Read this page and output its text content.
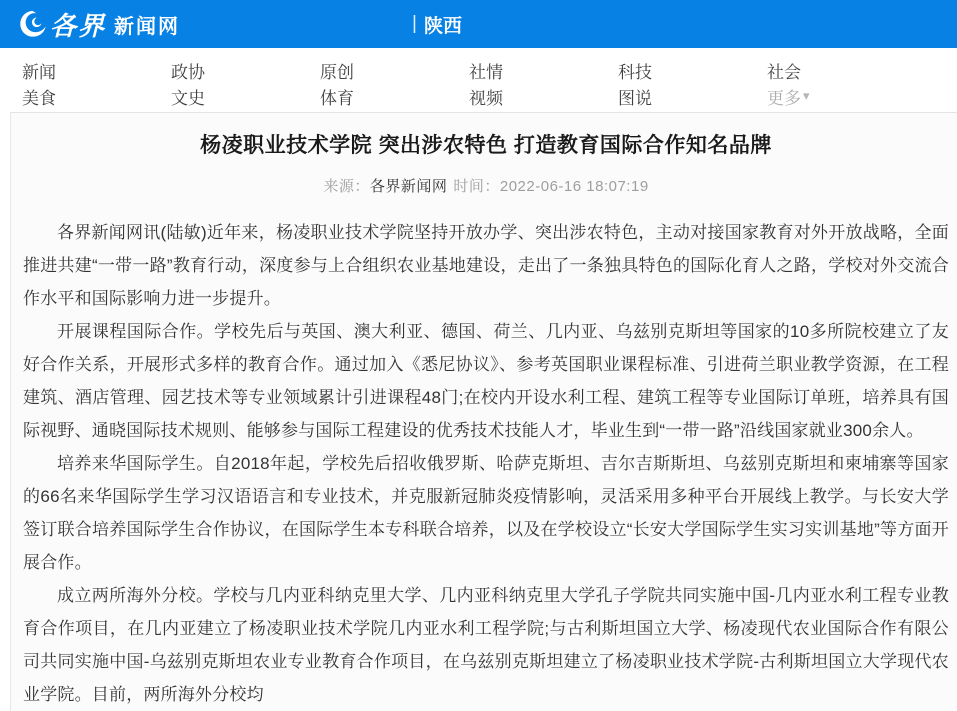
各界 新闻网	| 陕西
新闻	政协	原创	社情	科技	社会
美食	文史	体育	视频	图说	更多 ▾
杨凌职业技术学院 突出涉农特色 打造教育国际合作知名品牌
来源：各界新闻网 时间：2022-06-16 18:07:19

各界新闻网讯(陆敏)近年来，杨凌职业技术学院坚持开放办学、突出涉农特色，主动对接国家教育对外开放战略，全面推进共建“一带一路”教育行动，深度参与上合组织农业基地建设，走出了一条独具特色的国际化育人之路，学校对外交流合作水平和国际影响力进一步提升。

开展课程国际合作。学校先后与英国、澳大利亚、德国、荷兰、几内亚、乌兹别克斯坦等国家的10多所院校建立了友好合作关系，开展形式多样的教育合作。通过加入《悉尼协议》、参考英国职业课程标准、引进荷兰职业教学资源，在工程建筑、酒店管理、园艺技术等专业领域累计引进课程48门;在校内开设水利工程、建筑工程等专业国际订单班，培养具有国际视野、通晓国际技术规则、能够参与国际工程建设的优秀技术技能人才，毕业生到“一带一路”沿线国家就业300余人。

培养来华国际学生。自2018年起，学校先后招收俄罗斯、哈萨克斯坦、吉尔吉斯斯坦、乌兹别克斯坦和柬埔寨等国家的66名来华国际学生学习汉语语言和专业技术，并克服新冠肺炎疫情影响，灵活采用多种平台开展线上教学。与长安大学签订联合培养国际学生合作协议，在国际学生本专科联合培养，以及在学校设立“长安大学国际学生实习实训基地”等方面开展合作。

成立两所海外分校。学校与几内亚科纳克里大学、几内亚科纳克里大学孔子学院共同实施中国-几内亚水利工程专业教育合作项目，在几内亚建立了杨凌职业技术学院几内亚水利工程学院;与古利斯坦国立大学、杨凌现代农业国际合作有限公司共同实施中国-乌兹别克斯坦农业专业教育合作项目，在乌兹别克斯坦建立了杨凌职业技术学院-古利斯坦国立大学现代农业学院。目前，两所海外分校均
